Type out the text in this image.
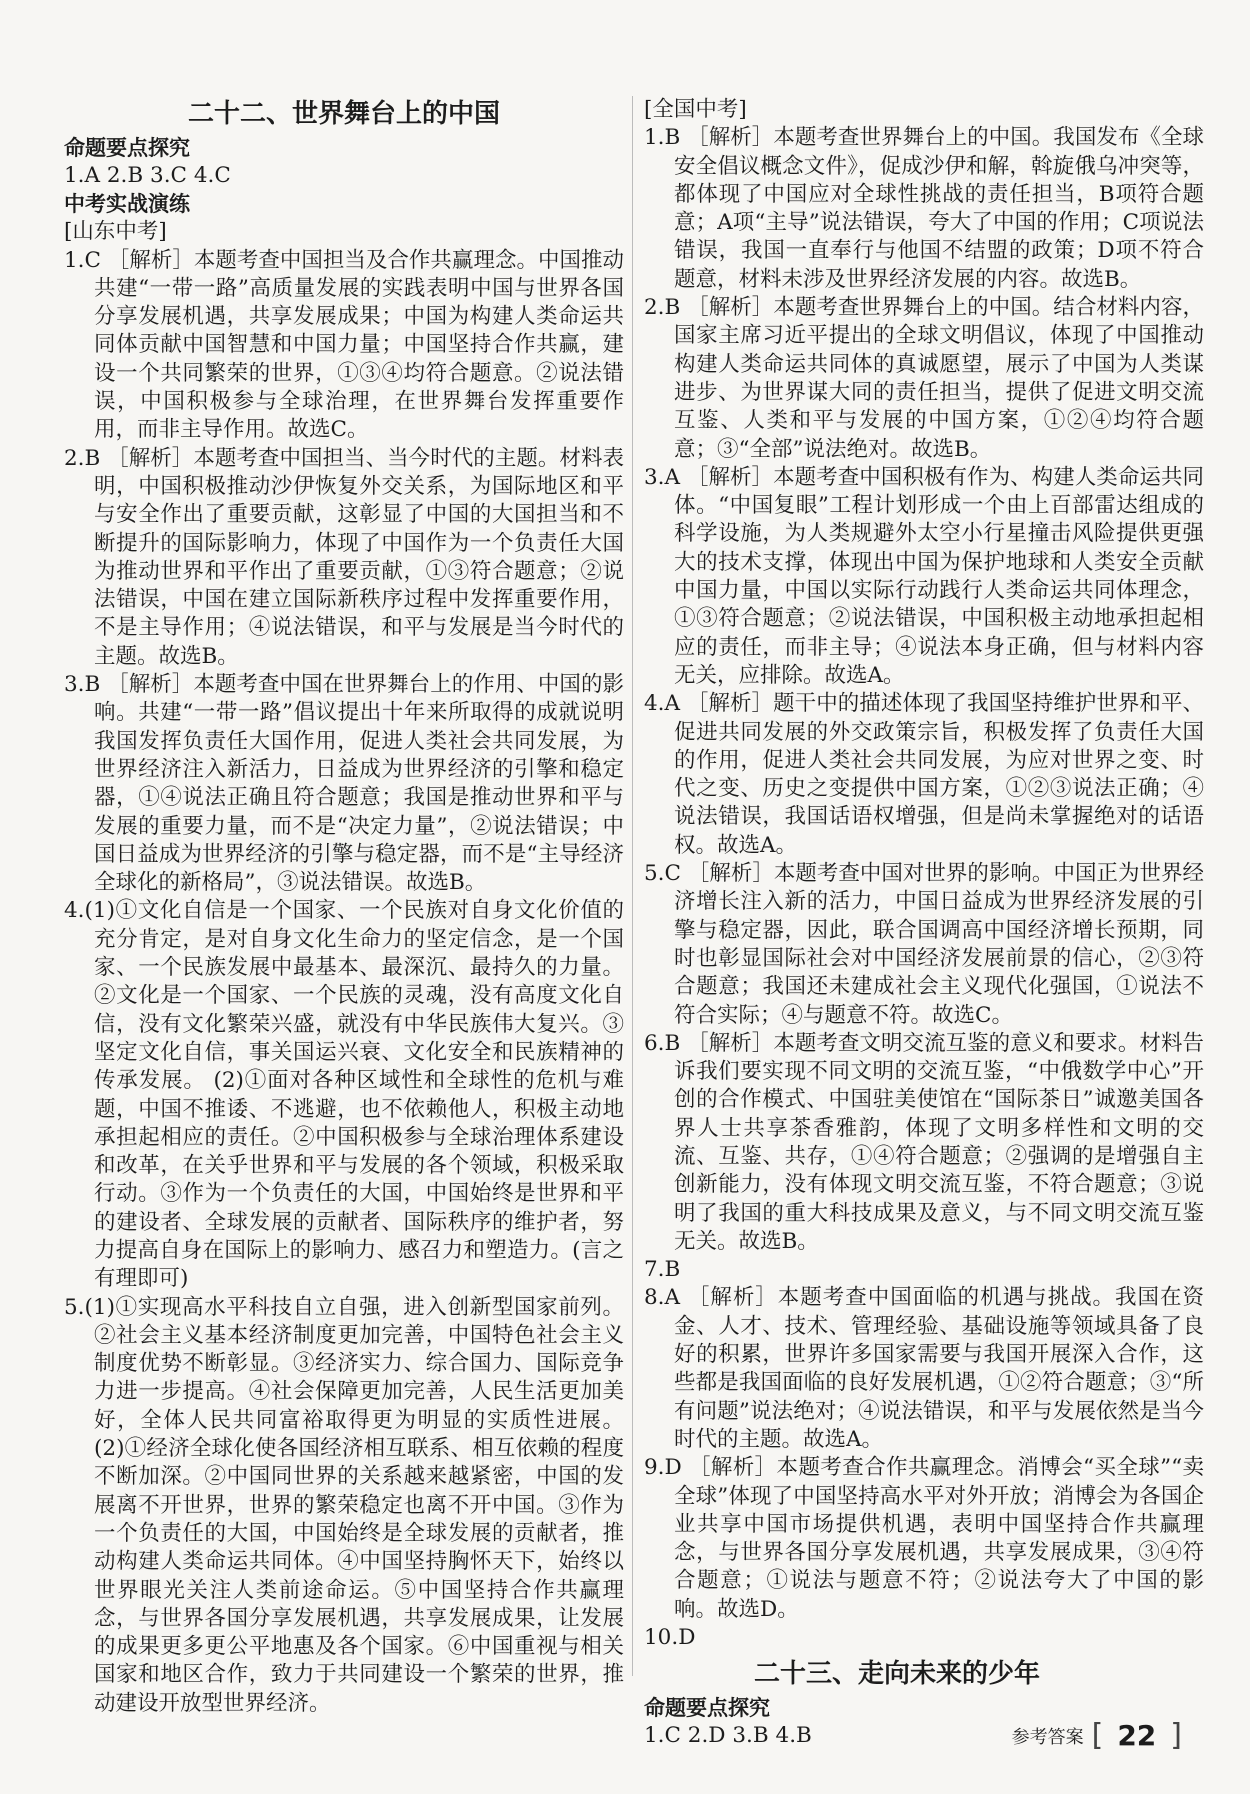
二十二、世界舞台上的中国
命题要点探究

1.A 2.B 3.C 4.C

中考实战演练
[ 山东中考 ]

1.C ［解析］本题考查中国担当及合作共赢理念。中国推动共建“一带一路”高质量发展的实践表明中国与世界各国分享发展机遇，共享发展成果；中国为构建人类命运共同体贡献中国智慧和中国力量；中国坚持合作共赢，建设一个共同繁荣的世界，①③④均符合题意。②说法错误，中国积极参与全球治理，在世界舞台发挥重要作用，而非主导作用。故选C。

2.B ［解析］本题考查中国担当、当今时代的主题。材料表明，中国积极推动沙伊恢复外交关系，为国际地区和平与安全作出了重要贡献，这彰显了中国的大国担当和不断提升的国际影响力，体现了中国作为一个负责任大国为推动世界和平作出了重要贡献，①③符合题意；②说法错误，中国在建立国际新秩序过程中发挥重要作用，不是主导作用；④说法错误，和平与发展是当今时代的主题。故选B。

3.B ［解析］本题考查中国在世界舞台上的作用、中国的影响。共建“一带一路”倡议提出十年来所取得的成就说明我国发挥负责任大国作用，促进人类社会共同发展，为世界经济注入新活力，日益成为世界经济的引擎和稳定器，①④说法正确且符合题意；我国是推动世界和平与发展的重要力量，而不是“决定力量”，②说法错误；中国日益成为世界经济的引擎与稳定器，而不是“主导经济全球化的新格局”，③说法错误。故选B。

4.(1)①文化自信是一个国家、一个民族对自身文化价值的充分肯定，是对自身文化生命力的坚定信念，是一个国家、一个民族发展中最基本、最深沉、最持久的力量。②文化是一个国家、一个民族的灵魂，没有高度文化自信，没有文化繁荣兴盛，就没有中华民族伟大复兴。③坚定文化自信，事关国运兴衰、文化安全和民族精神的传承发展。 (2)①面对各种区域性和全球性的危机与难题，中国不推诿、不逃避，也不依赖他人，积极主动地承担起相应的责任。②中国积极参与全球治理体系建设和改革，在关乎世界和平与发展的各个领域，积极采取行动。③作为一个负责任的大国，中国始终是世界和平的建设者、全球发展的贡献者、国际秩序的维护者，努力提高自身在国际上的影响力、感召力和塑造力。(言之有理即可)

5.(1)①实现高水平科技自立自强，进入创新型国家前列。②社会主义基本经济制度更加完善，中国特色社会主义制度优势不断彰显。③经济实力、综合国力、国际竞争力进一步提高。④社会保障更加完善，人民生活更加美好，全体人民共同富裕取得更为明显的实质性进展。 (2)①经济全球化使各国经济相互联系、相互依赖的程度不断加深。②中国同世界的关系越来越紧密，中国的发展离不开世界，世界的繁荣稳定也离不开中国。③作为一个负责任的大国，中国始终是全球发展的贡献者，推动构建人类命运共同体。④中国坚持胸怀天下，始终以世界眼光关注人类前途命运。⑤中国坚持合作共赢理念，与世界各国分享发展机遇，共享发展成果，让发展的成果更多更公平地惠及各个国家。⑥中国重视与相关国家和地区合作，致力于共同建设一个繁荣的世界，推动建设开放型世界经济。

[ 全国中考 ]

1.B ［解析］本题考查世界舞台上的中国。我国发布《全球安全倡议概念文件》，促成沙伊和解，斡旋俄乌冲突等，都体现了中国应对全球性挑战的责任担当，B项符合题意；A项“主导”说法错误，夸大了中国的作用；C项说法错误，我国一直奉行与他国不结盟的政策；D项不符合题意，材料未涉及世界经济发展的内容。故选B。

2.B ［解析］本题考查世界舞台上的中国。结合材料内容，国家主席习近平提出的全球文明倡议，体现了中国推动构建人类命运共同体的真诚愿望，展示了中国为人类谋进步、为世界谋大同的责任担当，提供了促进文明交流互鉴、人类和平与发展的中国方案，①②④均符合题意；③“全部”说法绝对。故选B。

3.A ［解析］本题考查中国积极有作为、构建人类命运共同体。“中国复眼”工程计划形成一个由上百部雷达组成的科学设施，为人类规避外太空小行星撞击风险提供更强大的技术支撑，体现出中国为保护地球和人类安全贡献中国力量，中国以实际行动践行人类命运共同体理念，①③符合题意；②说法错误，中国积极主动地承担起相应的责任，而非主导；④说法本身正确，但与材料内容无关，应排除。故选A。

4.A ［解析］题干中的描述体现了我国坚持维护世界和平、促进共同发展的外交政策宗旨，积极发挥了负责任大国的作用，促进人类社会共同发展，为应对世界之变、时代之变、历史之变提供中国方案，①②③说法正确；④说法错误，我国话语权增强，但是尚未掌握绝对的话语权。故选A。

5.C ［解析］本题考查中国对世界的影响。中国正为世界经济增长注入新的活力，中国日益成为世界经济发展的引擎与稳定器，因此，联合国调高中国经济增长预期，同时也彰显国际社会对中国经济发展前景的信心，②③符合题意；我国还未建成社会主义现代化强国，①说法不符合实际；④与题意不符。故选C。

6.B ［解析］本题考查文明交流互鉴的意义和要求。材料告诉我们要实现不同文明的交流互鉴，“中俄数学中心”开创的合作模式、中国驻美使馆在“国际茶日”诚邀美国各界人士共享茶香雅韵，体现了文明多样性和文明的交流、互鉴、共存，①④符合题意；②强调的是增强自主创新能力，没有体现文明交流互鉴，不符合题意；③说明了我国的重大科技成果及意义，与不同文明交流互鉴无关。故选B。

7.B

8.A ［解析］本题考查中国面临的机遇与挑战。我国在资金、人才、技术、管理经验、基础设施等领域具备了良好的积累，世界许多国家需要与我国开展深入合作，这些都是我国面临的良好发展机遇，①②符合题意；③“所有问题”说法绝对；④说法错误，和平与发展依然是当今时代的主题。故选A。

9.D ［解析］本题考查合作共赢理念。消博会“买全球”“卖全球”体现了中国坚持高水平对外开放；消博会为各国企业共享中国市场提供机遇，表明中国坚持合作共赢理念，与世界各国分享发展机遇，共享发展成果，③④符合题意；①说法与题意不符；②说法夸大了中国的影响。故选D。

10.D

二十三、走向未来的少年
命题要点探究

1.C 2.D 3.B 4.B	参考答案 [ 22 ]
